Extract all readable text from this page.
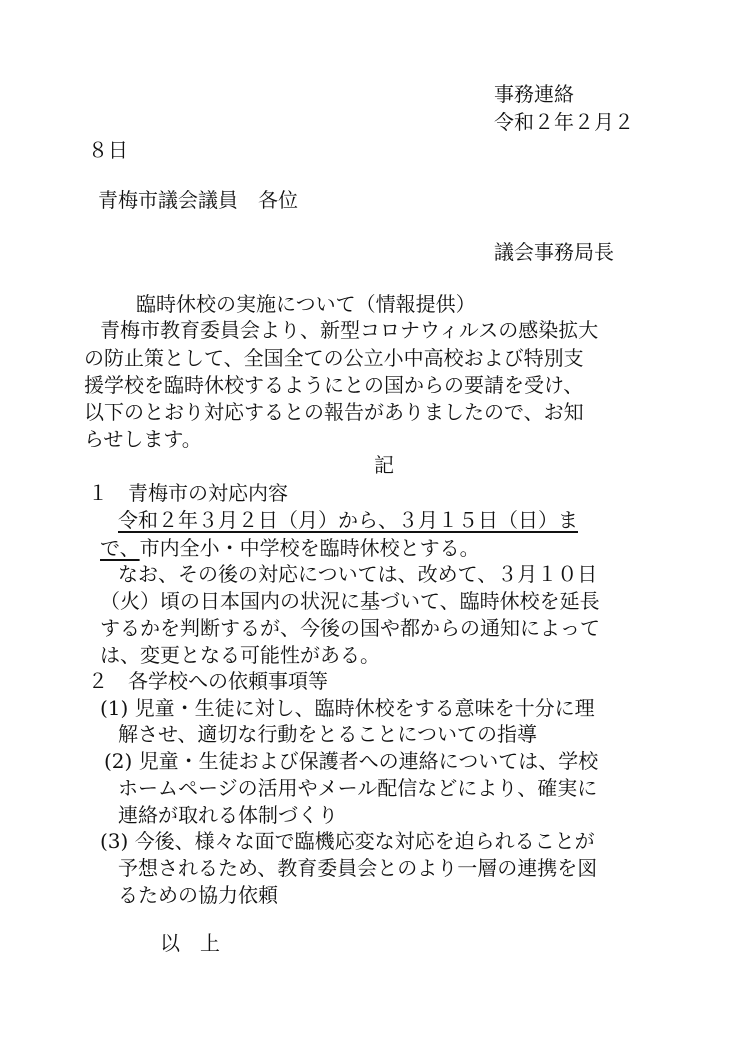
事務連絡
令和２年２月２
８日
青梅市議会議員　各位
議会事務局長
臨時休校の実施について（情報提供）
青梅市教育委員会より、新型コロナウィルスの感染拡大
の防止策として、全国全ての公立小中高校および特別支
援学校を臨時休校するようにとの国からの要請を受け、
以下のとおり対応するとの報告がありましたので、お知
らせします。
記
１　青梅市の対応内容
令和２年３月２日（月）から、３月１５日（日）ま
で、市内全小・中学校を臨時休校とする。
なお、その後の対応については、改めて、３月１０日
（火）頃の日本国内の状況に基づいて、臨時休校を延長
するかを判断するが、今後の国や都からの通知によって
は、変更となる可能性がある。
２　各学校への依頼事項等
(1) 児童・生徒に対し、臨時休校をする意味を十分に理
解させ、適切な行動をとることについての指導
(2) 児童・生徒および保護者への連絡については、学校
ホームページの活用やメール配信などにより、確実に
連絡が取れる体制づくり
(3) 今後、様々な面で臨機応変な対応を迫られることが
予想されるため、教育委員会とのより一層の連携を図
るための協力依頼
以　上
